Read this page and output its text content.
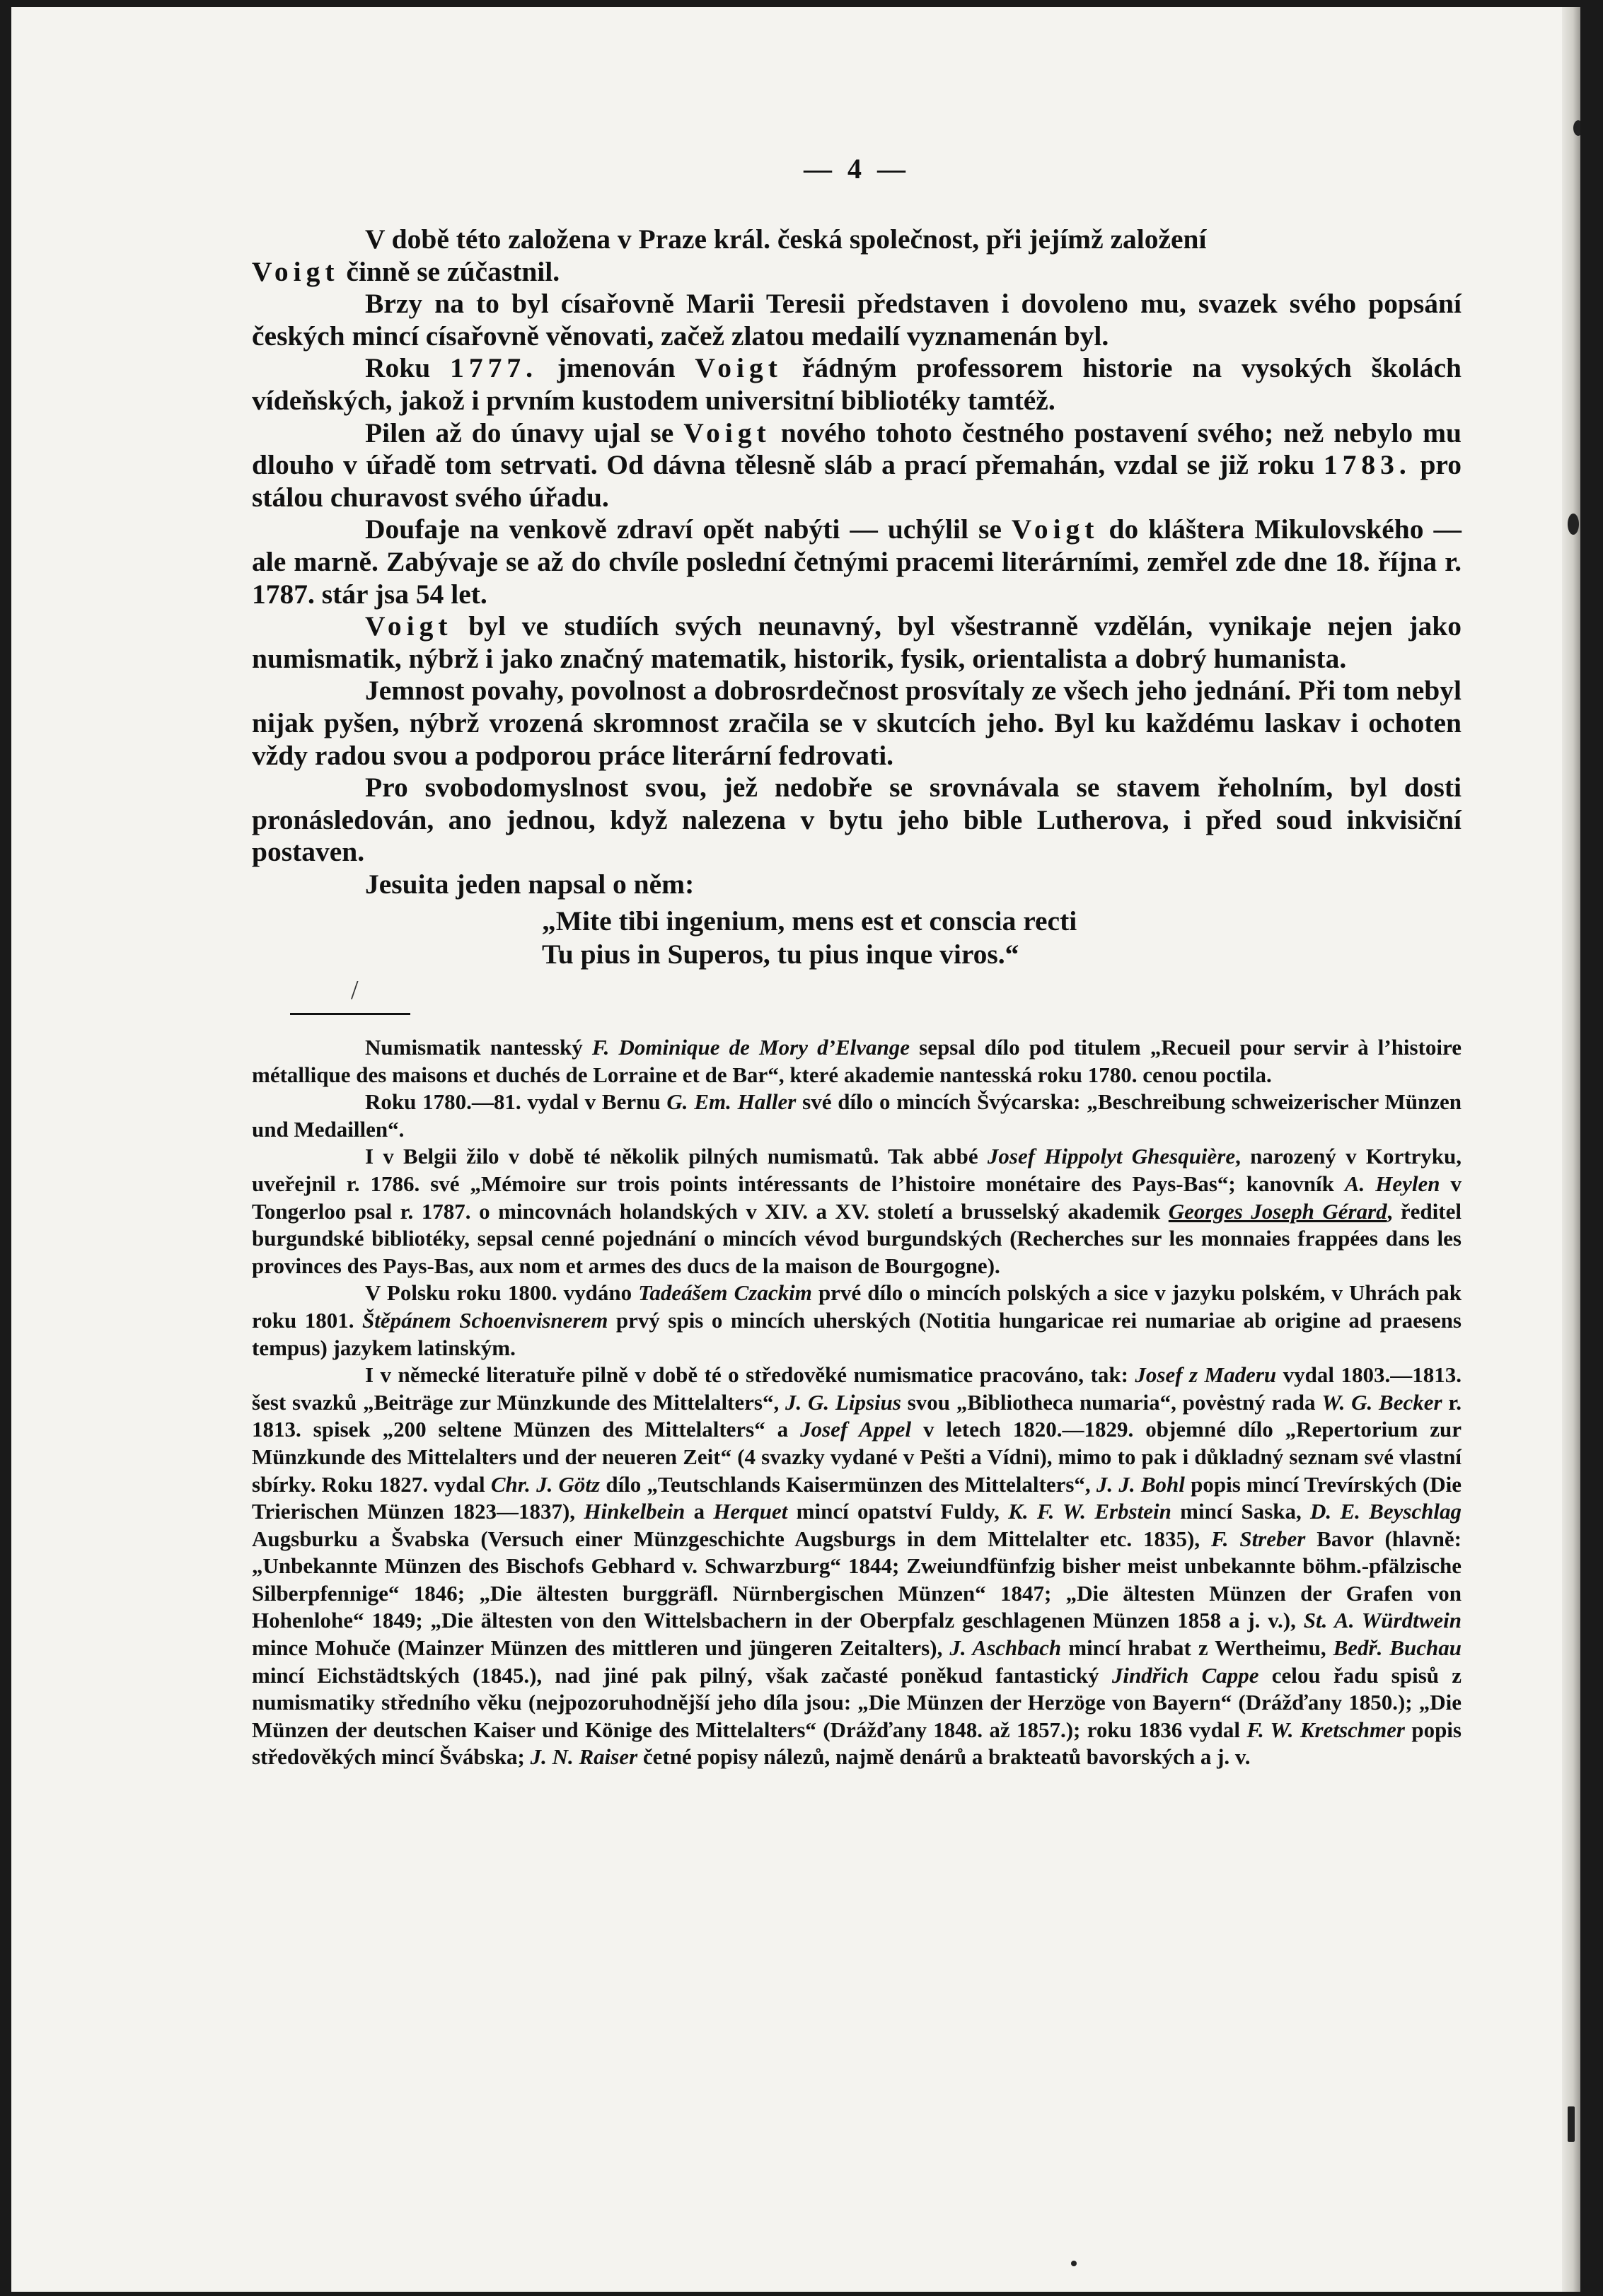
— 4 —

V době této založena v Praze král. česká společnost, při jejímž založení

Voigt činně se zúčastnil.

Brzy na to byl císařovně Marii Teresii představen i dovoleno mu, svazek svého popsání českých mincí císařovně věnovati, začež zlatou medailí vyznamenán byl.

Roku 1777. jmenován Voigt řádným professorem historie na vysokých školách vídeňských, jakož i prvním kustodem universitní bibliotéky tamtéž.

Pilen až do únavy ujal se Voigt nového tohoto čestného postavení svého; než nebylo mu dlouho v úřadě tom setrvati. Od dávna tělesně sláb a prací přemahán, vzdal se již roku 1783. pro stálou churavost svého úřadu.

Doufaje na venkově zdraví opět nabýti — uchýlil se Voigt do kláštera Mikulovského — ale marně. Zabývaje se až do chvíle poslední četnými pracemi literárními, zemřel zde dne 18. října r. 1787. stár jsa 54 let.

Voigt byl ve studiích svých neunavný, byl všestranně vzdělán, vynikaje nejen jako numismatik, nýbrž i jako značný matematik, historik, fysik, orientalista a dobrý humanista.

Jemnost povahy, povolnost a dobrosrdečnost prosvítaly ze všech jeho jednání. Při tom nebyl nijak pyšen, nýbrž vrozená skromnost zračila se v skutcích jeho. Byl ku každému laskav i ochoten vždy radou svou a podporou práce literární fedrovati.

Pro svobodomyslnost svou, jež nedobře se srovnávala se stavem řeholním, byl dosti pronásledován, ano jednou, když nalezena v bytu jeho bible Lutherova, i před soud inkvisiční postaven.

Jesuita jeden napsal o něm:

„Mite tibi ingenium, mens est et conscia recti
Tu pius in Superos, tu pius inque viros.“
/

Numismatik nantesský F. Dominique de Mory d’Elvange sepsal dílo pod titulem „Recueil pour servir à l’histoire métallique des maisons et duchés de Lorraine et de Bar“, které akademie nantesská roku 1780. cenou poctila.

Roku 1780.—81. vydal v Bernu G. Em. Haller své dílo o mincích Švýcarska: „Beschreibung schweizerischer Münzen und Medaillen“.

I v Belgii žilo v době té několik pilných numismatů. Tak abbé Josef Hippolyt Ghesquière, narozený v Kortryku, uveřejnil r. 1786. své „Mémoire sur trois points intéressants de l’histoire monétaire des Pays-Bas“; kanovník A. Heylen v Tongerloo psal r. 1787. o mincovnách holandských v XIV. a XV. století a brusselský akademik Georges Joseph Gérard, ředitel burgundské bibliotéky, sepsal cenné pojednání o mincích vévod burgundských (Recherches sur les monnaies frappées dans les provinces des Pays-Bas, aux nom et armes des ducs de la maison de Bourgogne).

V Polsku roku 1800. vydáno Tadeášem Czackim prvé dílo o mincích polských a sice v jazyku polském, v Uhrách pak roku 1801. Štěpánem Schoenvisnerem prvý spis o mincích uherských (Notitia hungaricae rei numariae ab origine ad praesens tempus) jazykem latinským.

I v německé literatuře pilně v době té o středověké numismatice pracováno, tak: Josef z Maderu vydal 1803.—1813. šest svazků „Beiträge zur Münzkunde des Mittelalters“, J. G. Lipsius svou „Bibliotheca numaria“, povėstný rada W. G. Becker r. 1813. spisek „200 seltene Münzen des Mittelalters“ a Josef Appel v letech 1820.—1829. objemné dílo „Repertorium zur Münzkunde des Mittelalters und der neueren Zeit“ (4 svazky vydané v Pešti a Vídni), mimo to pak i důkladný seznam své vlastní sbírky. Roku 1827. vydal Chr. J. Götz dílo „Teutschlands Kaisermünzen des Mittelalters“, J. J. Bohl popis mincí Trevírských (Die Trierischen Münzen 1823—1837), Hinkelbein a Herquet mincí opatství Fuldy, K. F. W. Erbstein mincí Saska, D. E. Beyschlag Augsburku a Švabska (Versuch einer Münzgeschichte Augsburgs in dem Mittelalter etc. 1835), F. Streber Bavor (hlavně: „Unbekannte Münzen des Bischofs Gebhard v. Schwarzburg“ 1844; Zweiundfünfzig bisher meist unbekannte böhm.-pfälzische Silberpfennige“ 1846; „Die ältesten burggräfl. Nürnbergischen Münzen“ 1847; „Die ältesten Münzen der Grafen von Hohenlohe“ 1849; „Die ältesten von den Wittelsbachern in der Oberpfalz geschlagenen Münzen 1858 a j. v.), St. A. Würdtwein mince Mohuče (Mainzer Münzen des mittleren und jüngeren Zeitalters), J. Aschbach mincí hrabat z Wertheimu, Bedř. Buchau mincí Eichstädtských (1845.), nad jiné pak pilný, však začasté poněkud fantastický Jindřich Cappe celou řadu spisů z numismatiky středního věku (nejpozoruhodnější jeho díla jsou: „Die Münzen der Herzöge von Bayern“ (Drážďany 1850.); „Die Münzen der deutschen Kaiser und Könige des Mittelalters“ (Drážďany 1848. až 1857.); roku 1836 vydal F. W. Kretschmer popis středověkých mincí Švábska; J. N. Raiser četné popisy nálezů, najmě denárů a brakteatů bavorských a j. v.
